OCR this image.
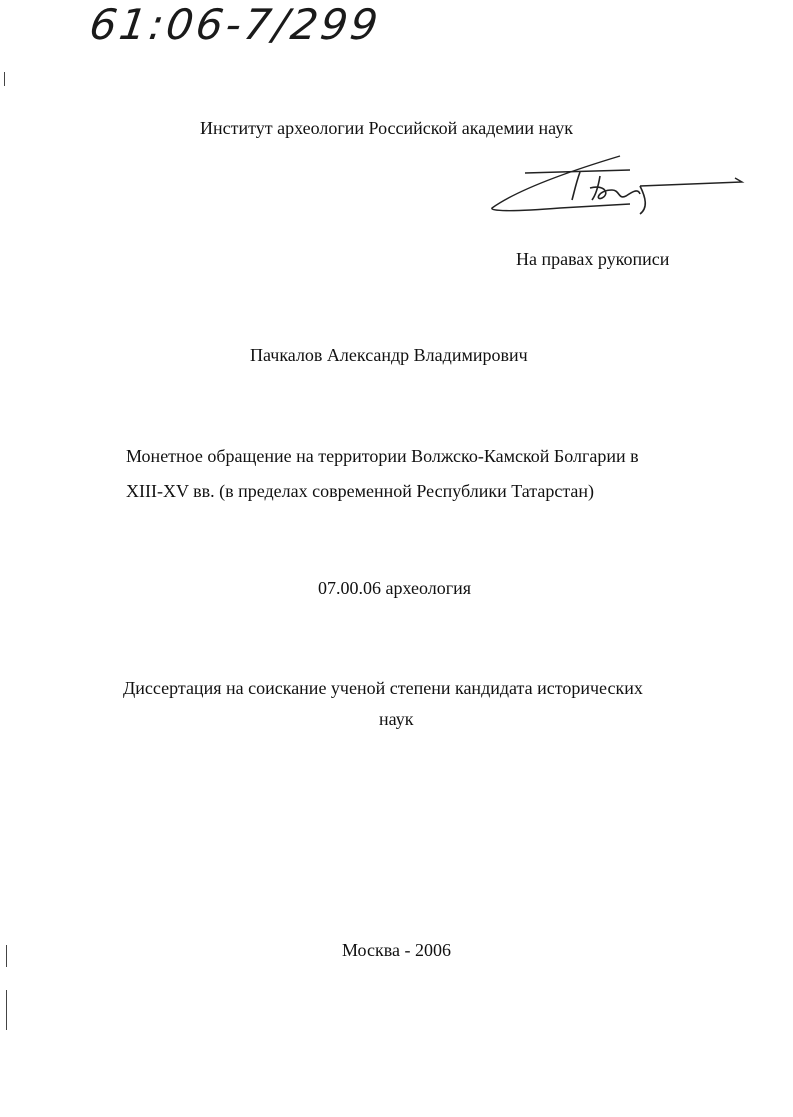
61:06-7/299
Институт археологии Российской академии наук
На правах рукописи
Пачкалов Александр Владимирович
Монетное обращение на территории Волжско-Камской Болгарии в
XIII-XV вв. (в пределах современной Республики Татарстан)
07.00.06 археология
Диссертация на соискание ученой степени кандидата исторических
наук
Москва - 2006
